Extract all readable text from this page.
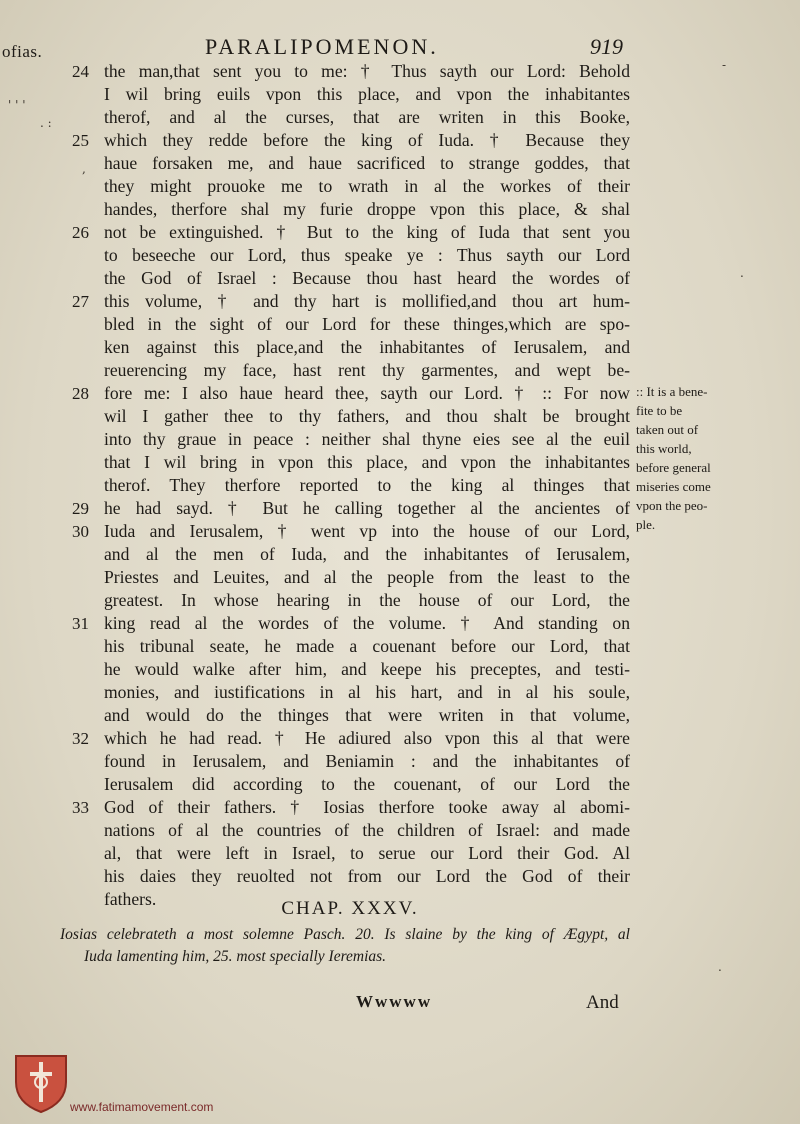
ofias.	PARALIPOMENON.	919
the man,that sent you to me: † Thus sayth our Lord: Behold
I wil bring euils vpon this place, and vpon the inhabitantes
therof, and al the curses, that are writen in this Booke,
which they redde before the king of Iuda. † Because they
haue forsaken me, and haue sacrificed to strange goddes, that
they might prouoke me to wrath in al the workes of their
handes, therfore shal my furie droppe vpon this place, & shal
not be extinguished. † But to the king of Iuda that sent you
to beseeche our Lord, thus speake ye : Thus sayth our Lord
the God of Israel : Because thou hast heard the wordes of
this volume, † and thy hart is mollified,and thou art hum-
bled in the sight of our Lord for these thinges,which are spo-
ken against this place,and the inhabitantes of Ierusalem, and
reuerencing my face, hast rent thy garmentes, and wept be-
fore me: I also haue heard thee, sayth our Lord. † :: For now
wil I gather thee to thy fathers, and thou shalt be brought
into thy graue in peace : neither shal thyne eies see al the euil
that I wil bring in vpon this place, and vpon the inhabitantes
therof. They therfore reported to the king al thinges that
he had sayd. † But he calling together al the ancientes of
Iuda and Ierusalem, † went vp into the house of our Lord,
and al the men of Iuda, and the inhabitantes of Ierusalem,
Priestes and Leuites, and al the people from the least to the
greatest. In whose hearing in the house of our Lord, the
king read al the wordes of the volume. † And standing on
his tribunal seate, he made a couenant before our Lord, that
he would walke after him, and keepe his preceptes, and testi-
monies, and iustifications in al his hart, and in al his soule,
and would do the thinges that were writen in that volume,
which he had read. † He adiured also vpon this al that were
found in Ierusalem, and Beniamin : and the inhabitantes of
Ierusalem did according to the couenant, of our Lord the
God of their fathers. † Iosias therfore tooke away al abomi-
nations of al the countries of the children of Israel: and made
al, that were left in Israel, to serue our Lord their God. Al
his daies they reuolted not from our Lord the God of their
fathers.
24
25
26
27
28
29
30
31
32
33
:: It is a bene-
fite to be
taken out of
this world,
before general
miseries come
vpon the peo-
ple.
CHAP. XXXV.
Iosias celebrateth a most solemne Pasch. 20. Is slaine by the king of Ægypt, al
Iuda lamenting him, 25. most specially Ieremias.
Wwwww	And
www.fatimamovement.com
' ' '
. :
,
.
-
.
